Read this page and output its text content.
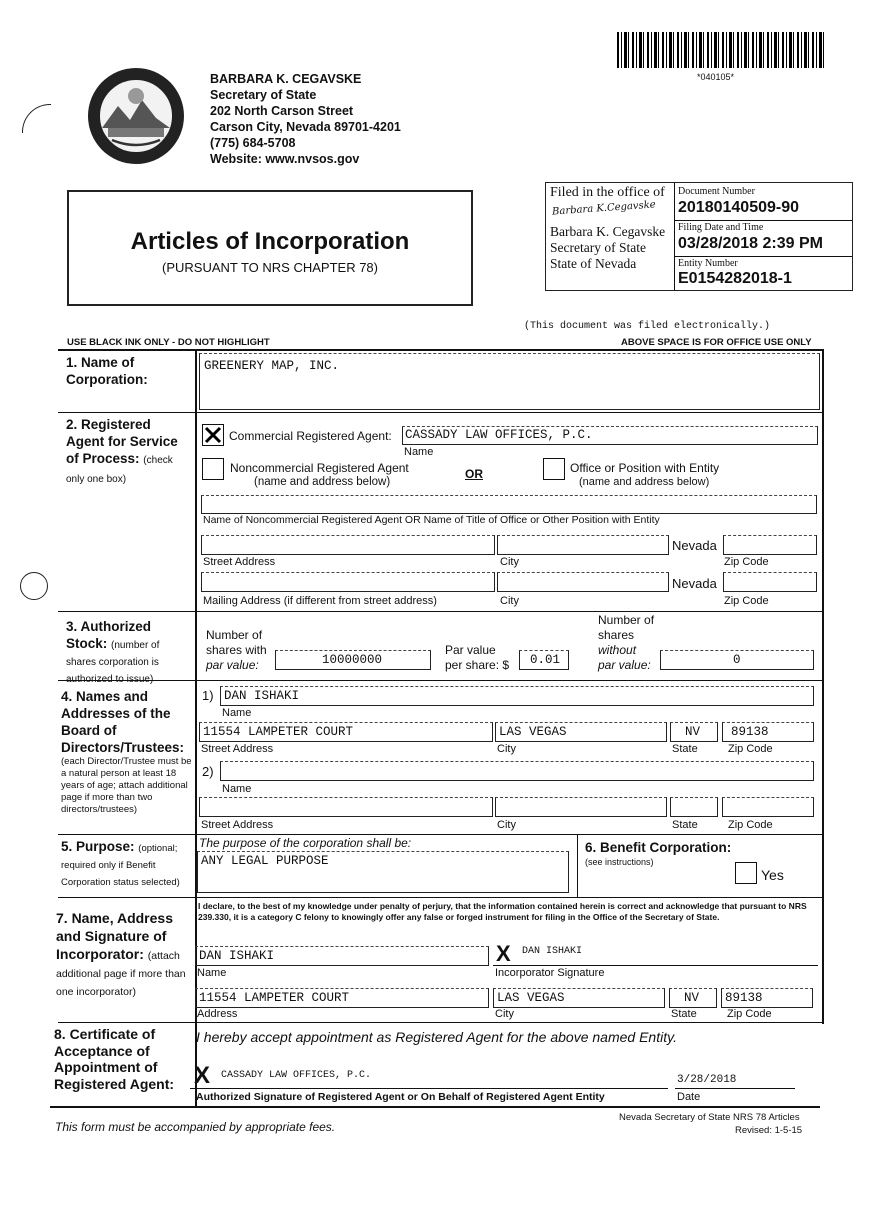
*040105*
BARBARA K. CEGAVSKE
Secretary of State
202 North Carson Street
Carson City, Nevada 89701-4201
(775) 684-5708
Website: www.nvsos.gov
Articles of Incorporation
(PURSUANT TO NRS CHAPTER 78)
Filed in the office of
Barbara K.Cegavske
Barbara K. Cegavske
Secretary of State
State of Nevada
Document Number
20180140509-90
Filing Date and Time
03/28/2018 2:39 PM
Entity Number
E0154282018-1
(This document was filed electronically.)
USE BLACK INK ONLY - DO NOT HIGHLIGHT	ABOVE SPACE IS FOR OFFICE USE ONLY
1. Name of Corporation:
GREENERY MAP, INC.
2. Registered Agent for Service of Process: (check only one box)
Commercial Registered Agent: CASSADY LAW OFFICES, P.C.
Name
Noncommercial Registered Agent
(name and address below)
OR	Office or Position with Entity
(name and address below)
Name of Noncommercial Registered Agent OR Name of Title of Office or Other Position with Entity
Nevada
Street Address	City	Zip Code
Nevada
Mailing Address (if different from street address)	City	Zip Code
3. Authorized Stock: (number of shares corporation is authorized to issue)
Number of
shares with
par value:	10000000
Par value
per share: $ 0.01
Number of
shares
without
par value:	0
4. Names and Addresses of the Board of Directors/Trustees:
(each Director/Trustee must be a natural person at least 18 years of age; attach additional page if more than two directors/trustees)
1) DAN ISHAKI
Name
11554 LAMPETER COURT	LAS VEGAS	NV 89138
Street Address	City	State	Zip Code
2)
Name
Street Address	City	State	Zip Code
5. Purpose: (optional; required only if Benefit Corporation status selected)
The purpose of the corporation shall be:
ANY LEGAL PURPOSE
6. Benefit Corporation:
(see instructions)
Yes
7. Name, Address and Signature of Incorporator: (attach additional page if more than one incorporator)
I declare, to the best of my knowledge under penalty of perjury, that the information contained herein is correct and acknowledge that pursuant to NRS 239.330, it is a category C felony to knowingly offer any false or forged instrument for filing in the Office of the Secretary of State.
DAN ISHAKI	X DAN ISHAKI
Name	Incorporator Signature
11554 LAMPETER COURT	LAS VEGAS	NV 89138
Address	City	State	Zip Code
8. Certificate of Acceptance of Appointment of Registered Agent:
I hereby accept appointment as Registered Agent for the above named Entity.
X CASSADY LAW OFFICES, P.C.	3/28/2018
Authorized Signature of Registered Agent or On Behalf of Registered Agent Entity	Date
This form must be accompanied by appropriate fees.
Nevada Secretary of State NRS 78 Articles
Revised: 1-5-15
